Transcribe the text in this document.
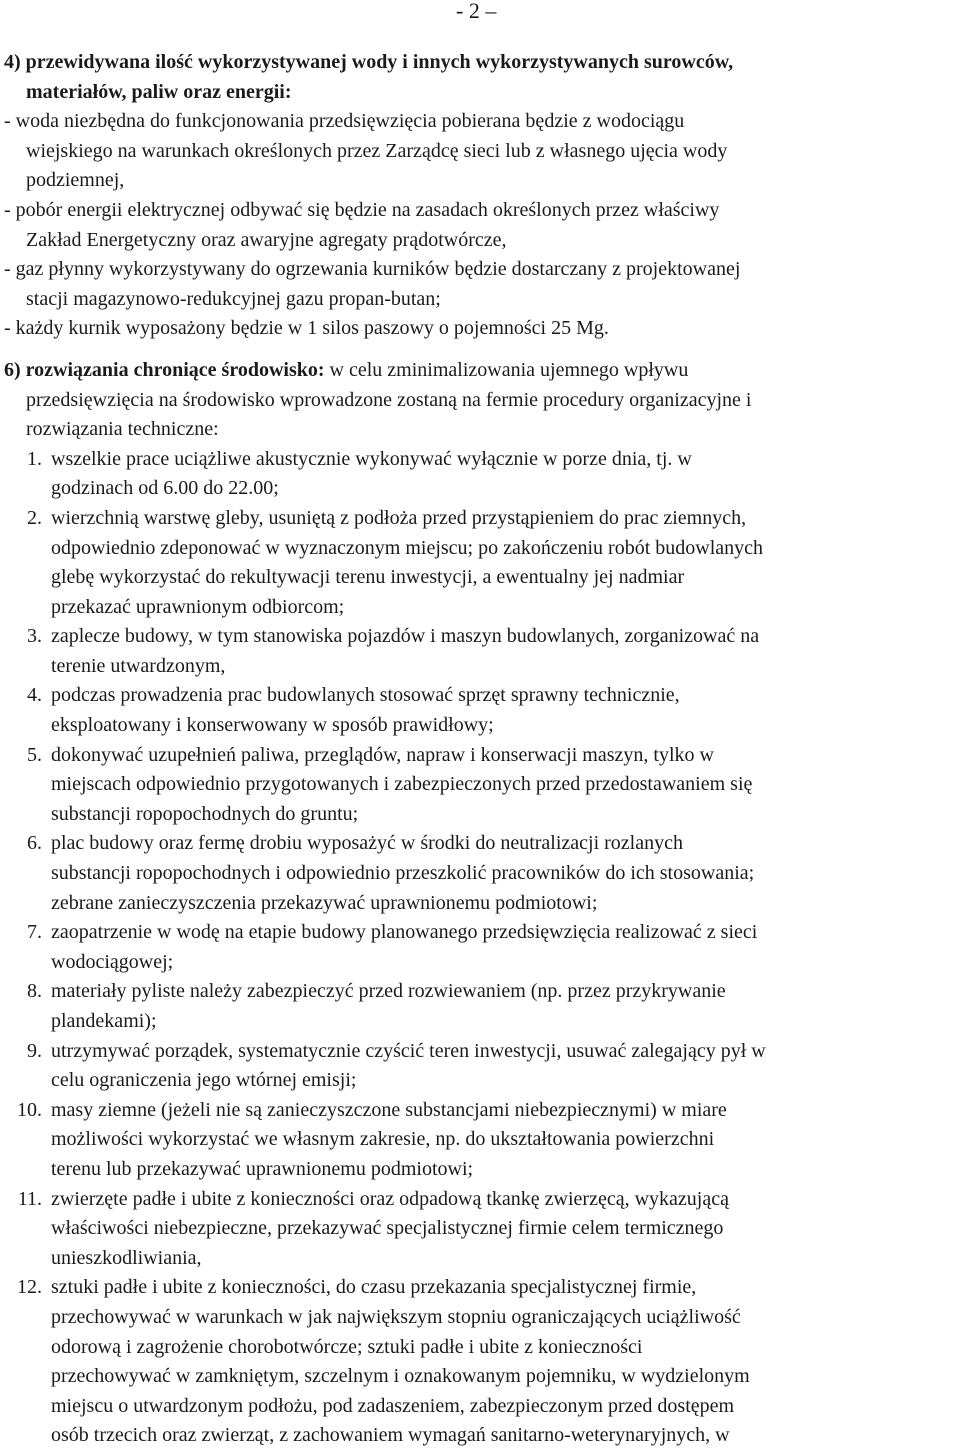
- 2 –
4) przewidywana ilość wykorzystywanej wody i innych wykorzystywanych surowców,
materiałów, paliw oraz energii:
- woda niezbędna do funkcjonowania przedsięwzięcia pobierana będzie z wodociągu
wiejskiego na warunkach określonych przez Zarządcę sieci lub z własnego ujęcia wody
podziemnej,
- pobór energii elektrycznej odbywać się będzie na zasadach określonych przez właściwy
Zakład Energetyczny oraz awaryjne agregaty prądotwórcze,
- gaz płynny wykorzystywany do ogrzewania kurników będzie dostarczany z projektowanej
stacji magazynowo-redukcyjnej gazu propan-butan;
- każdy kurnik wyposażony będzie w 1 silos paszowy o pojemności 25 Mg.
6) rozwiązania chroniące środowisko: w celu zminimalizowania ujemnego wpływu
przedsięwzięcia na środowisko wprowadzone zostaną na fermie procedury organizacyjne i
rozwiązania techniczne:
1. wszelkie prace uciążliwe akustycznie wykonywać wyłącznie w porze dnia, tj. w
godzinach od 6.00 do 22.00;
2. wierzchnią warstwę gleby, usuniętą z podłoża przed przystąpieniem do prac ziemnych,
odpowiednio zdeponować w wyznaczonym miejscu; po zakończeniu robót budowlanych
glebę wykorzystać do rekultywacji terenu inwestycji, a ewentualny jej nadmiar
przekazać uprawnionym odbiorcom;
3. zaplecze budowy, w tym stanowiska pojazdów i maszyn budowlanych, zorganizować na
terenie utwardzonym,
4. podczas prowadzenia prac budowlanych stosować sprzęt sprawny technicznie,
eksploatowany i konserwowany w sposób prawidłowy;
5. dokonywać uzupełnień paliwa, przeglądów, napraw i konserwacji maszyn, tylko w
miejscach odpowiednio przygotowanych i zabezpieczonych przed przedostawaniem się
substancji ropopochodnych do gruntu;
6. plac budowy oraz fermę drobiu wyposażyć w środki do neutralizacji rozlanych
substancji ropopochodnych i odpowiednio przeszkolić pracowników do ich stosowania;
zebrane zanieczyszczenia przekazywać uprawnionemu podmiotowi;
7. zaopatrzenie w wodę na etapie budowy planowanego przedsięwzięcia realizować z sieci
wodociągowej;
8. materiały pyliste należy zabezpieczyć przed rozwiewaniem (np. przez przykrywanie
plandekami);
9. utrzymywać porządek, systematycznie czyścić teren inwestycji, usuwać zalegający pył w
celu ograniczenia jego wtórnej emisji;
10. masy ziemne (jeżeli nie są zanieczyszczone substancjami niebezpiecznymi) w miare
możliwości wykorzystać we własnym zakresie, np. do ukształtowania powierzchni
terenu lub przekazywać uprawnionemu podmiotowi;
11. zwierzęte padłe i ubite z konieczności oraz odpadową tkankę zwierzęcą, wykazującą
właściwości niebezpieczne, przekazywać specjalistycznej firmie celem termicznego
unieszkodliwiania,
12. sztuki padłe i ubite z konieczności, do czasu przekazania specjalistycznej firmie,
przechowywać w warunkach w jak największym stopniu ograniczających uciążliwość
odorową i zagrożenie chorobotwórcze; sztuki padłe i ubite z konieczności
przechowywać w zamkniętym, szczelnym i oznakowanym pojemniku, w wydzielonym
miejscu o utwardzonym podłożu, pod zadaszeniem, zabezpieczonym przed dostępem
osób trzecich oraz zwierząt, z zachowaniem wymagań sanitarno-weterynaryjnych, w
